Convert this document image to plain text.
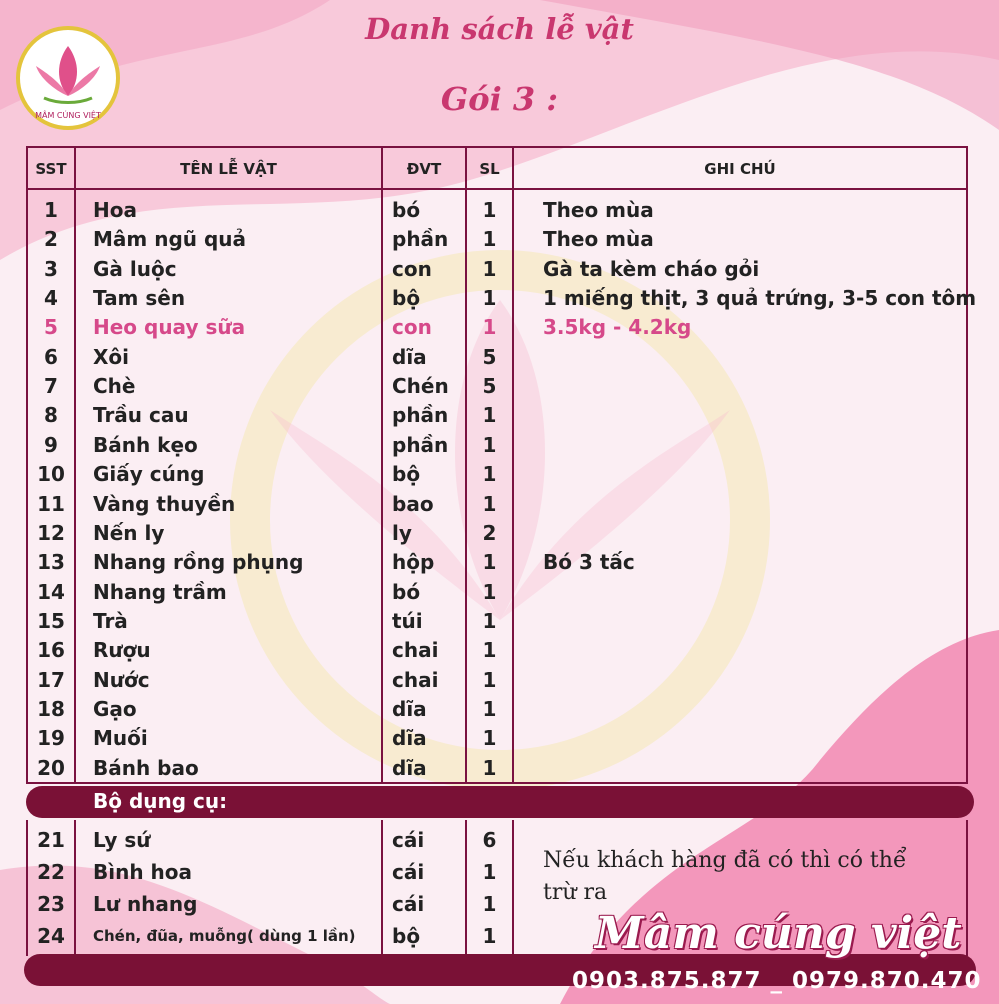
MÂM CÚNG VIỆT
Danh sách lễ vật
Gói 3 :
SST	TÊN LỄ VẬT	ĐVT	SL	GHI CHÚ
1	Hoa	bó	1	Theo mùa
2	Mâm ngũ quả	phần	1	Theo mùa
3	Gà luộc	con	1	Gà ta kèm cháo gỏi
4	Tam sên	bộ	1	1 miếng thịt, 3 quả trứng, 3-5 con tôm
5	Heo quay sữa	con	1	3.5kg - 4.2kg
6	Xôi	dĩa	5
7	Chè	Chén	5
8	Trầu cau	phần	1
9	Bánh kẹo	phần	1
10	Giấy cúng	bộ	1
11	Vàng thuyền	bao	1
12	Nến ly	ly	2
13	Nhang rồng phụng	hộp	1	Bó 3 tấc
14	Nhang trầm	bó	1
15	Trà	túi	1
16	Rượu	chai	1
17	Nước	chai	1
18	Gạo	dĩa	1
19	Muối	dĩa	1
20	Bánh bao	dĩa	1
Bộ dụng cụ:
21	Ly sứ	cái	6
22	Bình hoa	cái	1
23	Lư nhang	cái	1
24	Chén, đũa, muỗng( dùng 1 lần)	bộ	1
Nếu khách hàng đã có thì có thể trừ ra
Mâm cúng việt
0903.875.877 _ 0979.870.470
